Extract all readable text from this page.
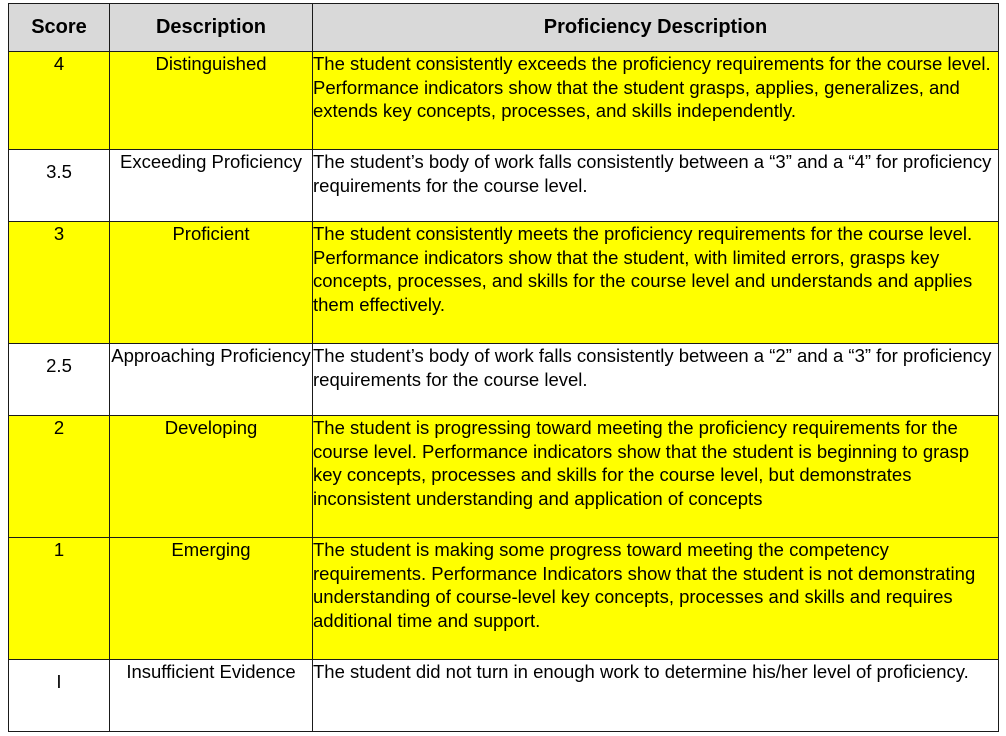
Score	Description	Proficiency Description
4	Distinguished	The student consistently exceeds the proficiency requirements for the course level. Performance indicators show that the student grasps, applies, generalizes, and extends key concepts, processes, and skills independently.
3.5	Exceeding Proficiency	The student’s body of work falls consistently between a “3” and a “4” for proficiency requirements for the course level.
3	Proficient	The student consistently meets the proficiency requirements for the course level. Performance indicators show that the student, with limited errors, grasps key concepts, processes, and skills for the course level and understands and applies them effectively.
2.5	Approaching Proficiency	The student’s body of work falls consistently between a “2” and a “3” for proficiency requirements for the course level.
2	Developing	The student is progressing toward meeting the proficiency requirements for the course level. Performance indicators show that the student is beginning to grasp key concepts, processes and skills for the course level, but demonstrates inconsistent understanding and application of concepts
1	Emerging	The student is making some progress toward meeting the competency requirements. Performance Indicators show that the student is not demonstrating understanding of course-level key concepts, processes and skills and requires additional time and support.
I	Insufficient Evidence	The student did not turn in enough work to determine his/her level of proficiency.
